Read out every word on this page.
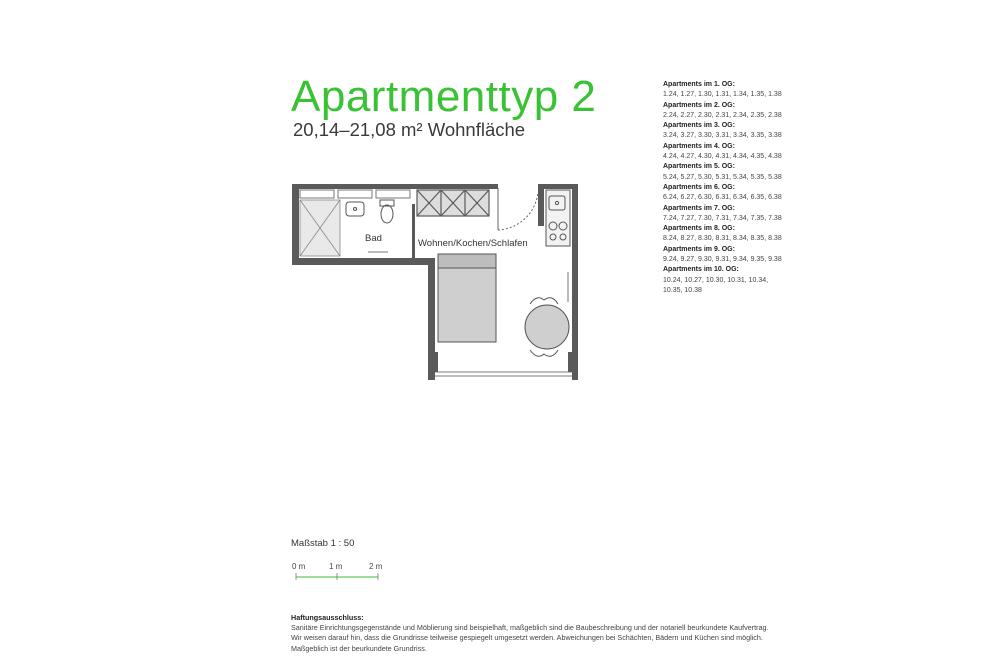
Apartmenttyp 2
20,14–21,08 m² Wohnfläche
Apartments im 1. OG:
1.24, 1.27, 1.30, 1.31, 1.34, 1.35, 1.38
Apartments im 2. OG:
2.24, 2.27, 2.30, 2.31, 2.34, 2.35, 2.38
Apartments im 3. OG:
3.24, 3.27, 3.30, 3.31, 3.34, 3.35, 3.38
Apartments im 4. OG:
4.24, 4.27, 4.30, 4.31, 4.34, 4.35, 4.38
Apartments im 5. OG:
5.24, 5.27, 5.30, 5.31, 5.34, 5.35, 5.38
Apartments im 6. OG:
6.24, 6.27, 6.30, 6.31, 6.34, 6.35, 6.38
Apartments im 7. OG:
7.24, 7.27, 7.30, 7.31, 7.34, 7.35, 7.38
Apartments im 8. OG:
8.24, 8.27, 8.30, 8.31, 8.34, 8.35, 8.38
Apartments im 9. OG:
9.24, 9.27, 9.30, 9.31, 9.34, 9.35, 9.38
Apartments im 10. OG:
10.24, 10.27, 10.30, 10.31, 10.34, 10.35, 10.38
Bad	Wohnen/Kochen/Schlafen
Maßstab 1 : 50
0 m	1 m	2 m
Haftungsausschluss:
Sanitäre Einrichtungsgegenstände und Möblierung sind beispielhaft, maßgeblich sind die Baubeschreibung und der notariell beurkundete Kaufvertrag. Wir weisen darauf hin, dass die Grundrisse teilweise gespiegelt umgesetzt werden. Abweichungen bei Schächten, Bädern und Küchen sind möglich. Maßgeblich ist der beurkundete Grundriss.
